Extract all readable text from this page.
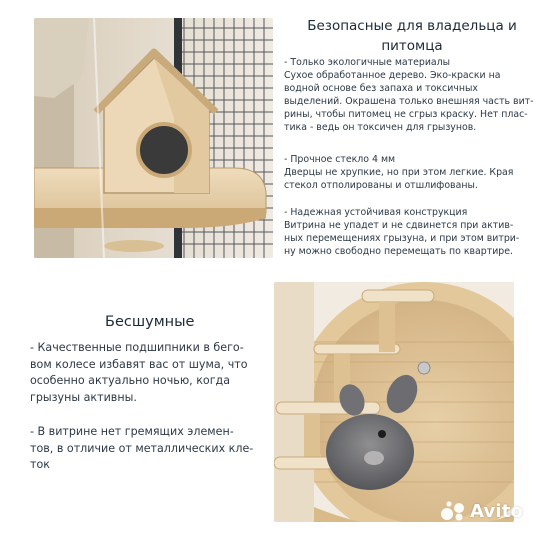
Безопасные для владельца и
питомца

- Только экологичные материалы
Сухое обработанное дерево. Эко-краски на
водной основе без запаха и токсичных
выделений. Окрашена только внешняя часть вит-
рины, чтобы питомец не сгрыз краску. Нет плас-
тика - ведь он токсичен для грызунов.

- Прочное стекло 4 мм
Дверцы не хрупкие, но при этом легкие. Края
стекол отполированы и отшлифованы.

- Надежная устойчивая конструкция
Витрина не упадет и не сдвинется при актив-
ных перемещениях грызуна, и при этом витри-
ну можно свободно перемещать по квартире.

Бесшумные

- Качественные подшипники в бего-
вом колесе избавят вас от шума, что
особенно актуально ночью, когда
грызуны активны.

- В витрине нет гремящих элемен-
тов, в отличие от металлических кле-
ток

Avito
